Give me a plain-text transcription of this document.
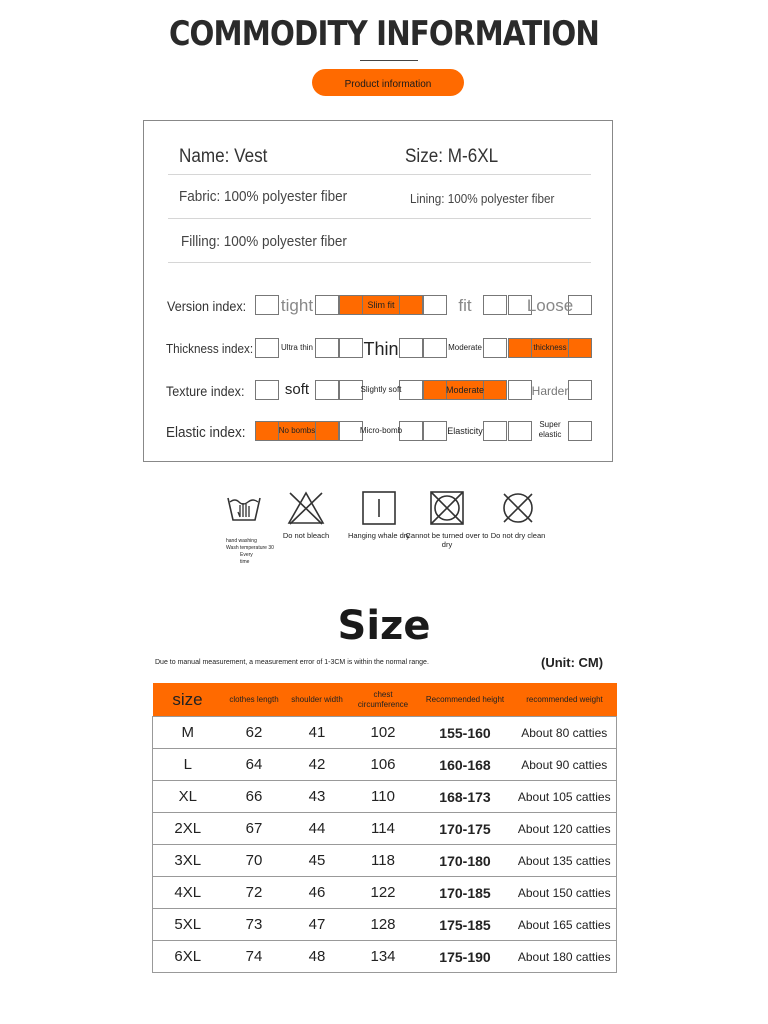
COMMODITY INFORMATION
Product information
Name: Vest	Size: M-6XL
Fabric: 100% polyester fiber	Lining: 100% polyester fiber
Filling: 100% polyester fiber
Version index:	tight	Slim fit	fit	Loose
Thickness index:	Ultra thin	Thin	Moderate	thickness
Texture index:	soft	Slightly soft	Moderate	Harder
Elastic index:	No bombs	Micro-bomb	Elasticity
Super elastic
hand washing
Wash temperature 30
Every
time
Do not bleach	Hanging whale dry
Cannot be turned over to dry
Do not dry clean
Size
Due to manual measurement, a measurement error of 1-3CM is within the normal range.	(Unit: CM)
size	clothes length	shoulder width	chest circumference	Recommended height	recommended weight
M	62	41	102	155-160	About 80 catties
L	64	42	106	160-168	About 90 catties
XL	66	43	110	168-173	About 105 catties
2XL	67	44	114	170-175	About 120 catties
3XL	70	45	118	170-180	About 135 catties
4XL	72	46	122	170-185	About 150 catties
5XL	73	47	128	175-185	About 165 catties
6XL	74	48	134	175-190	About 180 catties
